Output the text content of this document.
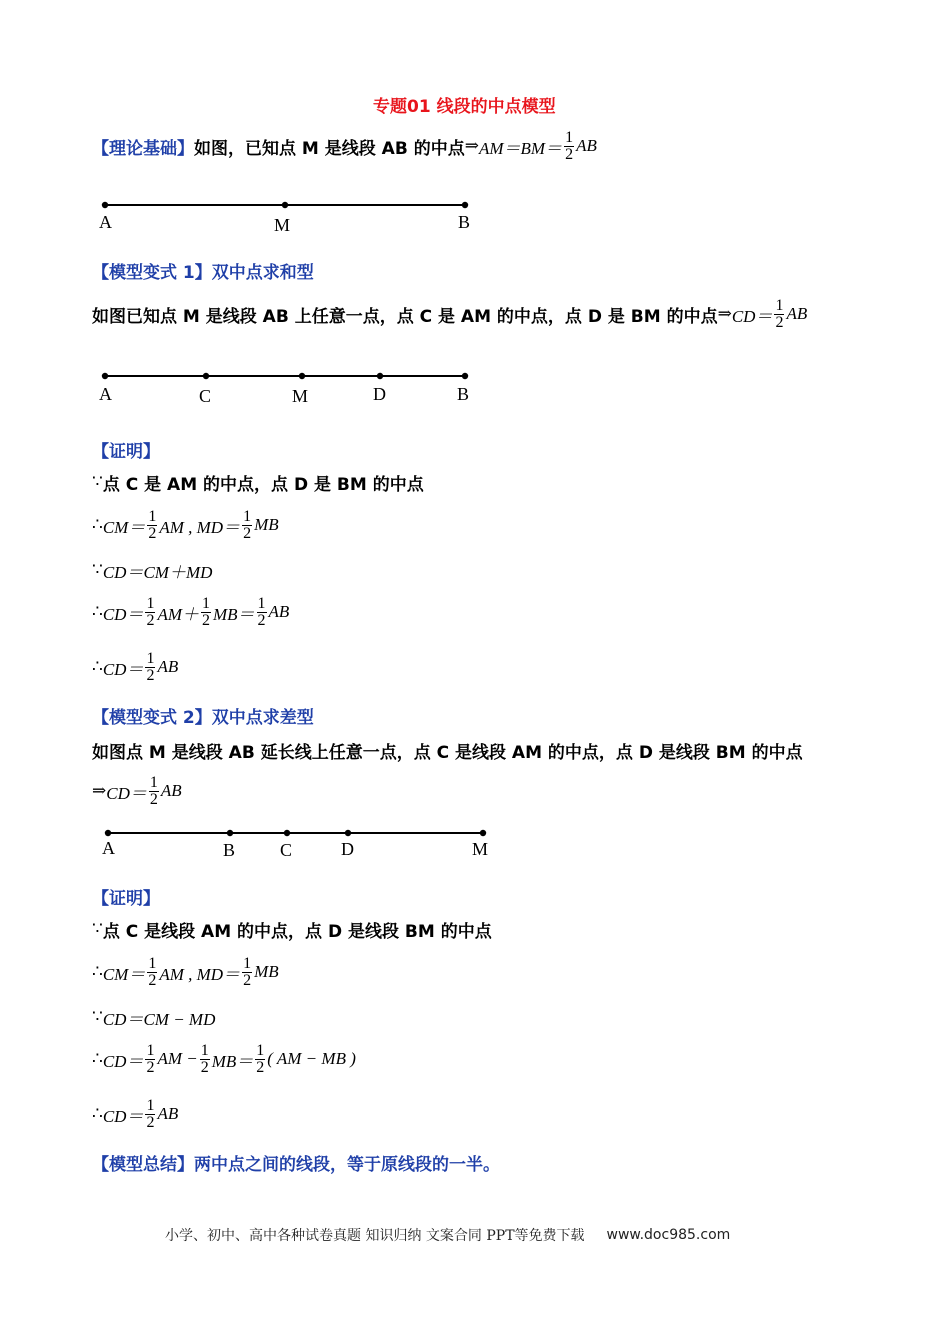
专题01 线段的中点模型
【理论基础】 如图，已知点 M 是线段 AB 的中点 ⇒ $AM=BM= \frac{1}{2}$ AB
A	M	B
【模型变式 1】双中点求和型
如图已知点 M 是线段 AB 上任意一点，点 C 是 AM 的中点，点 D 是 BM 的中点 ⇒ $CD= \frac{1}{2}$ AB
A	C	M	D	B
【证明】
∵ 点 C 是 AM 的中点，点 D 是 BM 的中点
∴ $CM= \frac{1}{2}$ AM , $MD= \frac{1}{2}$ MB
∵ CD＝CM＋MD
∴ $CD= \frac{1}{2} AM+ \frac{1}{2} MB= \frac{1}{2}$ AB
∴ $CD= \frac{1}{2}$ AB
【模型变式 2】双中点求差型
如图点 M 是线段 AB 延长线上任意一点，点 C 是线段 AM 的中点，点 D 是线段 BM 的中点
⇒ $CD= \frac{1}{2}$ AB
A	B C	D	M
【证明】
∵ 点 C 是线段 AM 的中点，点 D 是线段 BM 的中点
∴ $CM= \frac{1}{2}$ AM , $MD= \frac{1}{2}$ MB
∵ CD＝CM − MD
∴ $CD= \frac{1}{2}$ AM − $\frac{1}{2} MB= \frac{1}{2}$ ( AM − MB )
∴ $CD= \frac{1}{2}$ AB
【模型总结】 两中点之间的线段，等于原线段的一半。
小学、初中、高中各种试卷真题 知识归纳 文案合同 PPT等免费下载 www.doc985.com
